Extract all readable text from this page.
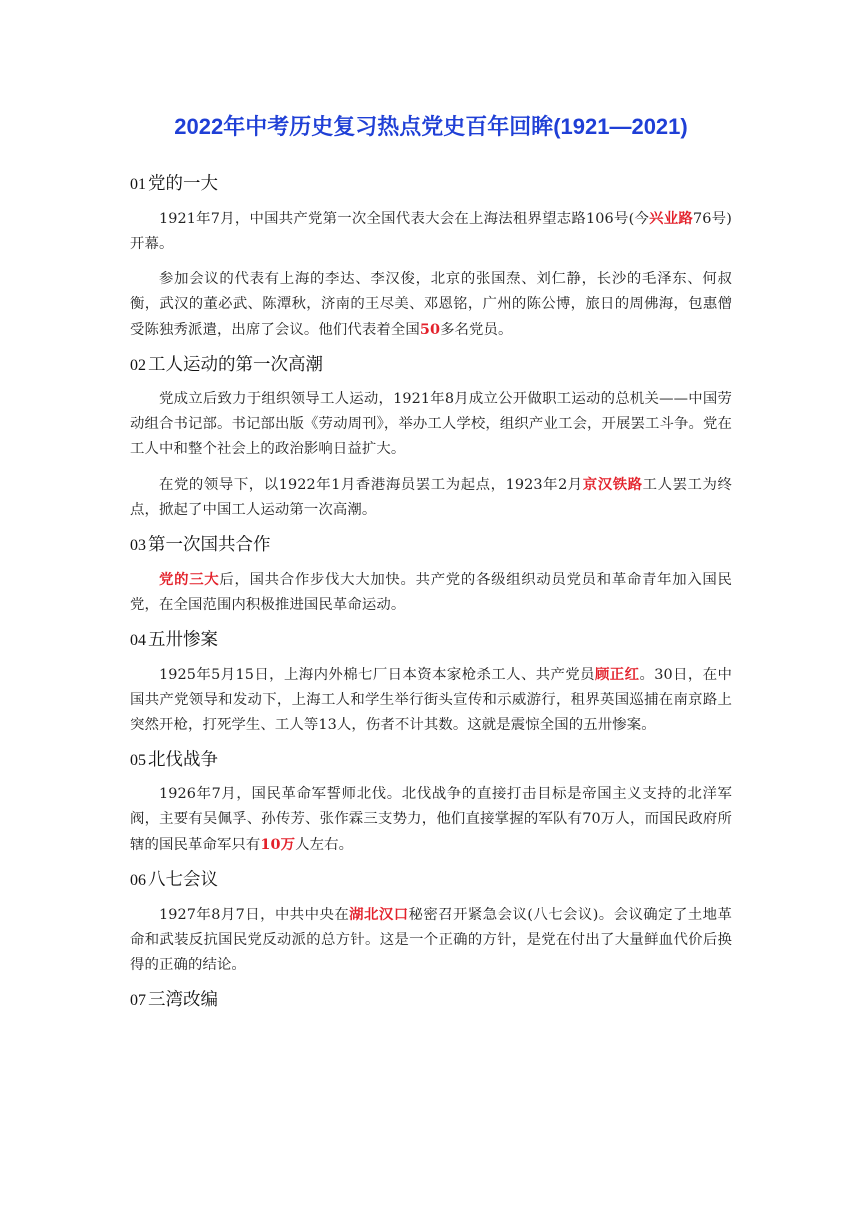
2022年中考历史复习热点党史百年回眸(1921—2021)
01 党的一大

1921年7月，中国共产党第一次全国代表大会在上海法租界望志路106号(今兴业路76号)开幕。

参加会议的代表有上海的李达、李汉俊，北京的张国焘、刘仁静，长沙的毛泽东、何叔衡，武汉的董必武、陈潭秋，济南的王尽美、邓恩铭，广州的陈公博，旅日的周佛海，包惠僧受陈独秀派遣，出席了会议。他们代表着全国50多名党员。

02 工人运动的第一次高潮

党成立后致力于组织领导工人运动，1921年8月成立公开做职工运动的总机关——中国劳动组合书记部。书记部出版《劳动周刊》，举办工人学校，组织产业工会，开展罢工斗争。党在工人中和整个社会上的政治影响日益扩大。

在党的领导下，以1922年1月香港海员罢工为起点，1923年2月京汉铁路工人罢工为终点，掀起了中国工人运动第一次高潮。

03 第一次国共合作

党的三大后，国共合作步伐大大加快。共产党的各级组织动员党员和革命青年加入国民党，在全国范围内积极推进国民革命运动。

04 五卅惨案

1925年5月15日，上海内外棉七厂日本资本家枪杀工人、共产党员顾正红。30日，在中国共产党领导和发动下，上海工人和学生举行街头宣传和示威游行，租界英国巡捕在南京路上突然开枪，打死学生、工人等13人，伤者不计其数。这就是震惊全国的五卅惨案。

05 北伐战争

1926年7月，国民革命军誓师北伐。北伐战争的直接打击目标是帝国主义支持的北洋军阀，主要有吴佩孚、孙传芳、张作霖三支势力，他们直接掌握的军队有70万人，而国民政府所辖的国民革命军只有10万人左右。

06 八七会议

1927年8月7日，中共中央在湖北汉口秘密召开紧急会议(八七会议)。会议确定了土地革命和武装反抗国民党反动派的总方针。这是一个正确的方针，是党在付出了大量鲜血代价后换得的正确的结论。

07 三湾改编
